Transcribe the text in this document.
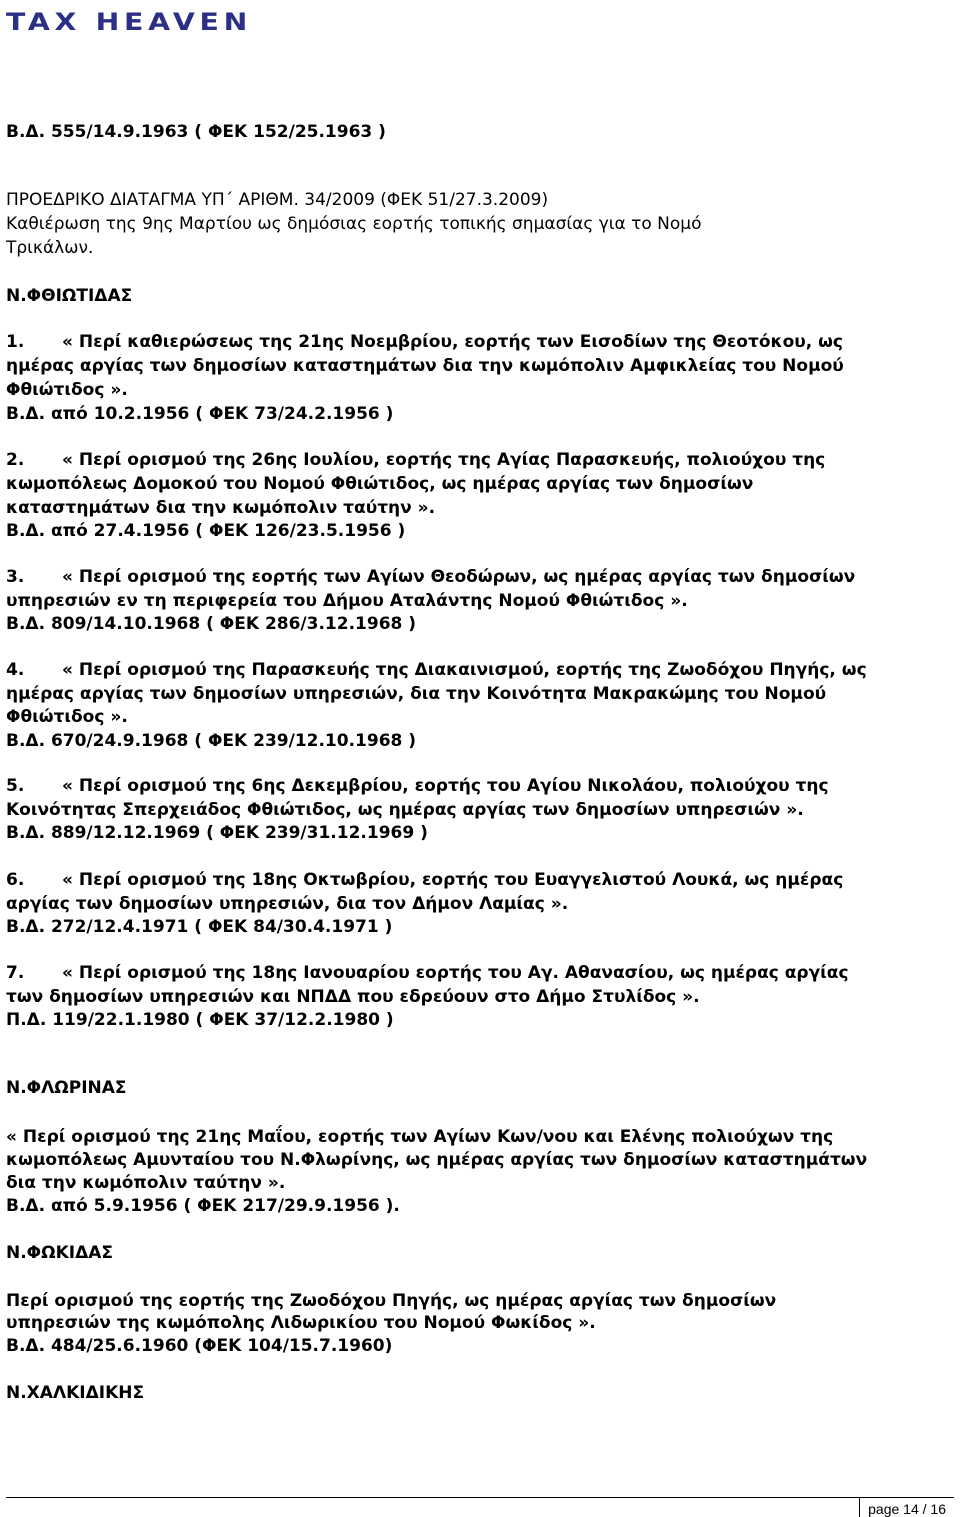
TAX HEAVEN
Β.Δ. 555/14.9.1963 ( ΦΕΚ 152/25.1963 )
ΠΡΟΕΔΡΙΚΟ ΔΙΑΤΑΓΜΑ ΥΠ΄ ΑΡΙΘΜ. 34/2009 (ΦΕΚ 51/27.3.2009)
Καθιέρωση της 9ης Μαρτίου ως δημόσιας εορτής τοπικής σημασίας για το Νομό
Τρικάλων.
Ν.ΦΘΙΩΤΙΔΑΣ
1. « Περί καθιερώσεως της 21ης Νοεμβρίου, εορτής των Εισοδίων της Θεοτόκου, ως
ημέρας αργίας των δημοσίων καταστημάτων δια την κωμόπολιν Αμφικλείας του Νομού
Φθιώτιδος ».
Β.Δ. από 10.2.1956 ( ΦΕΚ 73/24.2.1956 )
2. « Περί ορισμού της 26ης Ιουλίου, εορτής της Αγίας Παρασκευής, πολιούχου της
κωμοπόλεως Δομοκού του Νομού Φθιώτιδος, ως ημέρας αργίας των δημοσίων
καταστημάτων δια την κωμόπολιν ταύτην ».
Β.Δ. από 27.4.1956 ( ΦΕΚ 126/23.5.1956 )
3. « Περί ορισμού της εορτής των Αγίων Θεοδώρων, ως ημέρας αργίας των δημοσίων
υπηρεσιών εν τη περιφερεία του Δήμου Αταλάντης Νομού Φθιώτιδος ».
Β.Δ. 809/14.10.1968 ( ΦΕΚ 286/3.12.1968 )
4. « Περί ορισμού της Παρασκευής της Διακαινισμού, εορτής της Ζωοδόχου Πηγής, ως
ημέρας αργίας των δημοσίων υπηρεσιών, δια την Κοινότητα Μακρακώμης του Νομού
Φθιώτιδος ».
Β.Δ. 670/24.9.1968 ( ΦΕΚ 239/12.10.1968 )
5. « Περί ορισμού της 6ης Δεκεμβρίου, εορτής του Αγίου Νικολάου, πολιούχου της
Κοινότητας Σπερχειάδος Φθιώτιδος, ως ημέρας αργίας των δημοσίων υπηρεσιών ».
Β.Δ. 889/12.12.1969 ( ΦΕΚ 239/31.12.1969 )
6. « Περί ορισμού της 18ης Οκτωβρίου, εορτής του Ευαγγελιστού Λουκά, ως ημέρας
αργίας των δημοσίων υπηρεσιών, δια τον Δήμον Λαμίας ».
Β.Δ. 272/12.4.1971 ( ΦΕΚ 84/30.4.1971 )
7. « Περί ορισμού της 18ης Ιανουαρίου εορτής του Αγ. Αθανασίου, ως ημέρας αργίας
των δημοσίων υπηρεσιών και ΝΠΔΔ που εδρεύουν στο Δήμο Στυλίδος ».
Π.Δ. 119/22.1.1980 ( ΦΕΚ 37/12.2.1980 )
Ν.ΦΛΩΡΙΝΑΣ
« Περί ορισμού της 21ης Μαΐου, εορτής των Αγίων Κων/νου και Ελένης πολιούχων της
κωμοπόλεως Αμυνταίου του Ν.Φλωρίνης, ως ημέρας αργίας των δημοσίων καταστημάτων
δια την κωμόπολιν ταύτην ».
Β.Δ. από 5.9.1956 ( ΦΕΚ 217/29.9.1956 ).
Ν.ΦΩΚΙΔΑΣ
Περί ορισμού της εορτής της Ζωοδόχου Πηγής, ως ημέρας αργίας των δημοσίων
υπηρεσιών της κωμόπολης Λιδωρικίου του Νομού Φωκίδος ».
Β.Δ. 484/25.6.1960 (ΦΕΚ 104/15.7.1960)
Ν.ΧΑΛΚΙΔΙΚΗΣ
page 14 / 16
